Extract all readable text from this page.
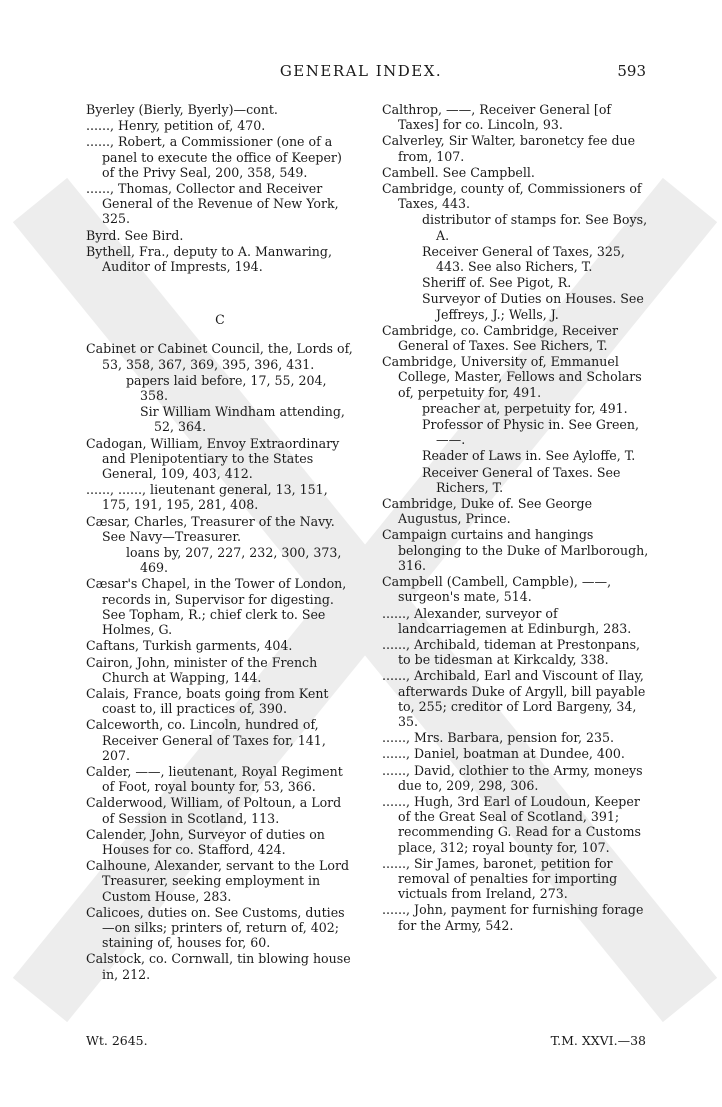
GENERAL INDEX.	593
Byerley (Bierly, Byerly)—cont.
......, Henry, petition of, 470.
......, Robert, a Commissioner (one of a panel to execute the office of Keeper) of the Privy Seal, 200, 358, 549.
......, Thomas, Collector and Receiver General of the Revenue of New York, 325.
Byrd. See Bird.
Bythell, Fra., deputy to A. Manwaring, Auditor of Imprests, 194.
C
Cabinet or Cabinet Council, the, Lords of, 53, 358, 367, 369, 395, 396, 431.
papers laid before, 17, 55, 204, 358.
Sir William Windham attending, 52, 364.
Cadogan, William, Envoy Extraordinary and Plenipotentiary to the States General, 109, 403, 412.
......, ......, lieutenant general, 13, 151, 175, 191, 195, 281, 408.
Cæsar, Charles, Treasurer of the Navy. See Navy—Treasurer.
loans by, 207, 227, 232, 300, 373, 469.
Cæsar's Chapel, in the Tower of London, records in, Supervisor for digesting. See Topham, R.; chief clerk to. See Holmes, G.
Caftans, Turkish garments, 404.
Cairon, John, minister of the French Church at Wapping, 144.
Calais, France, boats going from Kent coast to, ill practices of, 390.
Calceworth, co. Lincoln, hundred of, Receiver General of Taxes for, 141, 207.
Calder, ——, lieutenant, Royal Regiment of Foot, royal bounty for, 53, 366.
Calderwood, William, of Poltoun, a Lord of Session in Scotland, 113.
Calender, John, Surveyor of duties on Houses for co. Stafford, 424.
Calhoune, Alexander, servant to the Lord Treasurer, seeking employment in Custom House, 283.
Calicoes, duties on. See Customs, duties—on silks; printers of, return of, 402; staining of, houses for, 60.
Calstock, co. Cornwall, tin blowing house in, 212.
Calthrop, ——, Receiver General [of Taxes] for co. Lincoln, 93.
Calverley, Sir Walter, baronetcy fee due from, 107.
Cambell. See Campbell.
Cambridge, county of, Commissioners of Taxes, 443.
distributor of stamps for. See Boys, A.
Receiver General of Taxes, 325, 443. See also Richers, T.
Sheriff of. See Pigot, R.
Surveyor of Duties on Houses. See Jeffreys, J.; Wells, J.
Cambridge, co. Cambridge, Receiver General of Taxes. See Richers, T.
Cambridge, University of, Emmanuel College, Master, Fellows and Scholars of, perpetuity for, 491.
preacher at, perpetuity for, 491.
Professor of Physic in. See Green, ——.
Reader of Laws in. See Ayloffe, T.
Receiver General of Taxes. See Richers, T.
Cambridge, Duke of. See George Augustus, Prince.
Campaign curtains and hangings belonging to the Duke of Marlborough, 316.
Campbell (Cambell, Campble), ——, surgeon's mate, 514.
......, Alexander, surveyor of landcarriagemen at Edinburgh, 283.
......, Archibald, tideman at Prestonpans, to be tidesman at Kirkcaldy, 338.
......, Archibald, Earl and Viscount of Ilay, afterwards Duke of Argyll, bill payable to, 255; creditor of Lord Bargeny, 34, 35.
......, Mrs. Barbara, pension for, 235.
......, Daniel, boatman at Dundee, 400.
......, David, clothier to the Army, moneys due to, 209, 298, 306.
......, Hugh, 3rd Earl of Loudoun, Keeper of the Great Seal of Scotland, 391; recommending G. Read for a Customs place, 312; royal bounty for, 107.
......, Sir James, baronet, petition for removal of penalties for importing victuals from Ireland, 273.
......, John, payment for furnishing forage for the Army, 542.
Wt. 2645.	T.M. XXVI.—38
